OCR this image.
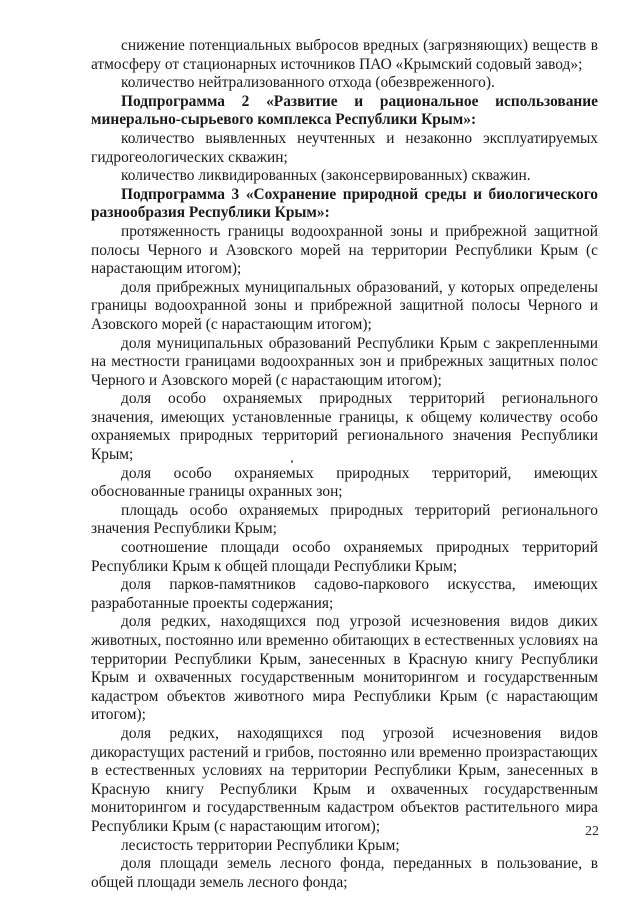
снижение потенциальных выбросов вредных (загрязняющих) веществ в атмосферу от стационарных источников ПАО «Крымский содовый завод»;

количество нейтрализованного отхода (обезвреженного).

Подпрограмма 2 «Развитие и рациональное использование минерально-сырьевого комплекса Республики Крым»:

количество выявленных неучтенных и незаконно эксплуатируемых гидрогеологических скважин;

количество ликвидированных (законсервированных) скважин.

Подпрограмма 3 «Сохранение природной среды и биологического разнообразия Республики Крым»:

протяженность границы водоохранной зоны и прибрежной защитной полосы Черного и Азовского морей на территории Республики Крым (с нарастающим итогом);

доля прибрежных муниципальных образований, у которых определены границы водоохранной зоны и прибрежной защитной полосы Черного и Азовского морей (с нарастающим итогом);

доля муниципальных образований Республики Крым с закрепленными на местности границами водоохранных зон и прибрежных защитных полос Черного и Азовского морей (с нарастающим итогом);

доля особо охраняемых природных территорий регионального значения, имеющих установленные границы, к общему количеству особо охраняемых природных территорий регионального значения Республики Крым;

доля особо охраняемых природных территорий, имеющих обоснованные границы охранных зон;

площадь особо охраняемых природных территорий регионального значения Республики Крым;

соотношение площади особо охраняемых природных территорий Республики Крым к общей площади Республики Крым;

доля парков-памятников садово-паркового искусства, имеющих разработанные проекты содержания;

доля редких, находящихся под угрозой исчезновения видов диких животных, постоянно или временно обитающих в естественных условиях на территории Республики Крым, занесенных в Красную книгу Республики Крым и охваченных государственным мониторингом и государственным кадастром объектов животного мира Республики Крым (с нарастающим итогом);

доля редких, находящихся под угрозой исчезновения видов дикорастущих растений и грибов, постоянно или временно произрастающих в естественных условиях на территории Республики Крым, занесенных в Красную книгу Республики Крым и охваченных государственным мониторингом и государственным кадастром объектов растительного мира Республики Крым (с нарастающим итогом);

лесистость территории Республики Крым;

доля площади земель лесного фонда, переданных в пользование, в общей площади земель лесного фонда;

22
